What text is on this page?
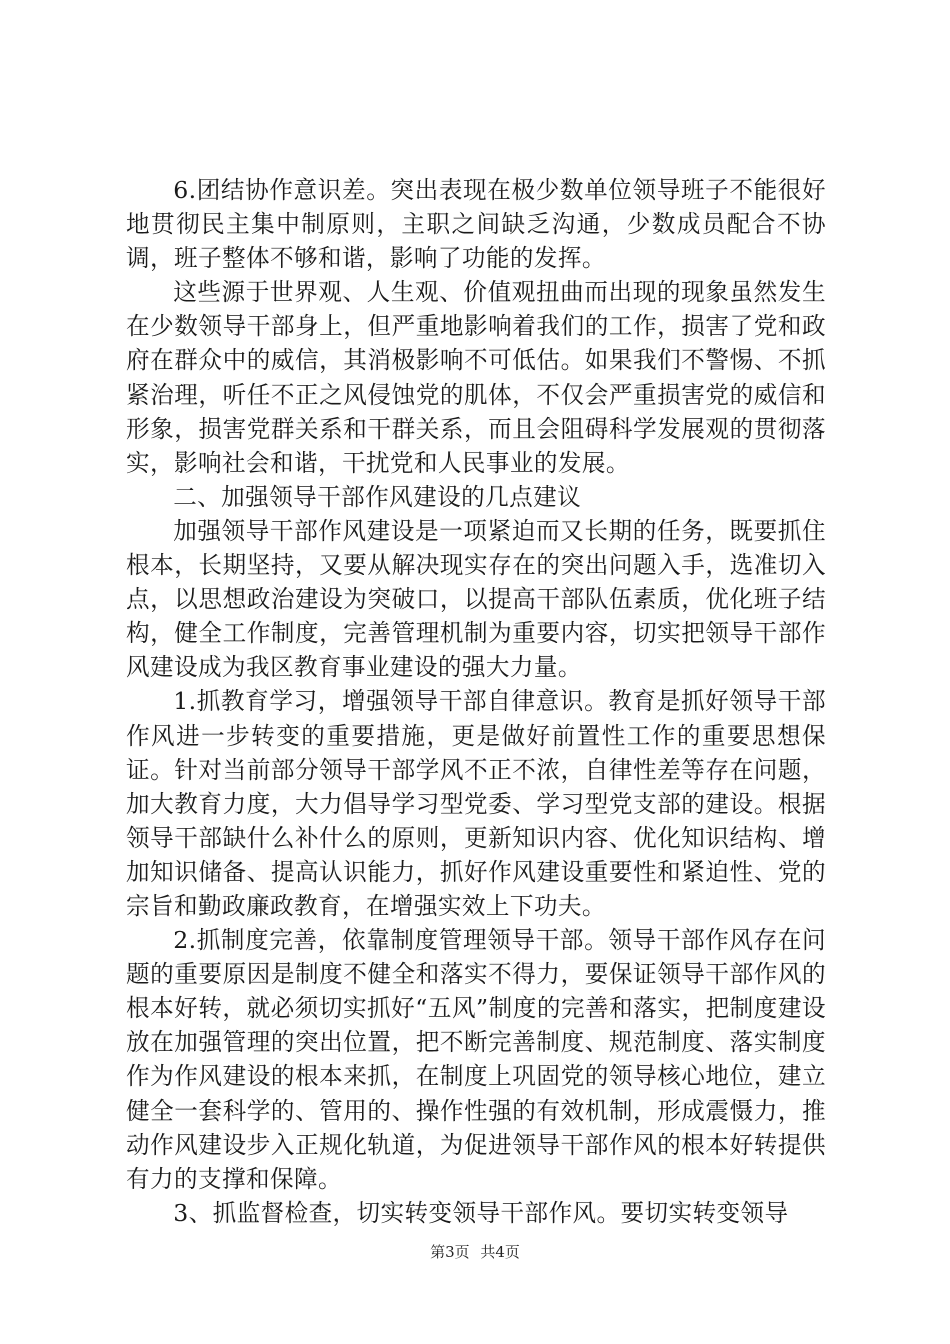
6.团结协作意识差。突出表现在极少数单位领导班子不能很好地贯彻民主集中制原则，主职之间缺乏沟通，少数成员配合不协调，班子整体不够和谐，影响了功能的发挥。

这些源于世界观、人生观、价值观扭曲而出现的现象虽然发生在少数领导干部身上，但严重地影响着我们的工作，损害了党和政府在群众中的威信，其消极影响不可低估。如果我们不警惕、不抓紧治理，听任不正之风侵蚀党的肌体，不仅会严重损害党的威信和形象，损害党群关系和干群关系，而且会阻碍科学发展观的贯彻落实，影响社会和谐，干扰党和人民事业的发展。

二、加强领导干部作风建设的几点建议

加强领导干部作风建设是一项紧迫而又长期的任务，既要抓住根本，长期坚持，又要从解决现实存在的突出问题入手，选准切入点，以思想政治建设为突破口，以提高干部队伍素质，优化班子结构，健全工作制度，完善管理机制为重要内容，切实把领导干部作风建设成为我区教育事业建设的强大力量。

1.抓教育学习，增强领导干部自律意识。教育是抓好领导干部作风进一步转变的重要措施，更是做好前置性工作的重要思想保证。针对当前部分领导干部学风不正不浓，自律性差等存在问题，加大教育力度，大力倡导学习型党委、学习型党支部的建设。根据领导干部缺什么补什么的原则，更新知识内容、优化知识结构、增加知识储备、提高认识能力，抓好作风建设重要性和紧迫性、党的宗旨和勤政廉政教育，在增强实效上下功夫。

2.抓制度完善，依靠制度管理领导干部。领导干部作风存在问题的重要原因是制度不健全和落实不得力，要保证领导干部作风的根本好转，就必须切实抓好“五风”制度的完善和落实，把制度建设放在加强管理的突出位置，把不断完善制度、规范制度、落实制度作为作风建设的根本来抓，在制度上巩固党的领导核心地位，建立健全一套科学的、管用的、操作性强的有效机制，形成震慑力，推动作风建设步入正规化轨道，为促进领导干部作风的根本好转提供有力的支撑和保障。

3、抓监督检查，切实转变领导干部作风。要切实转变领导

第3页 共4页
